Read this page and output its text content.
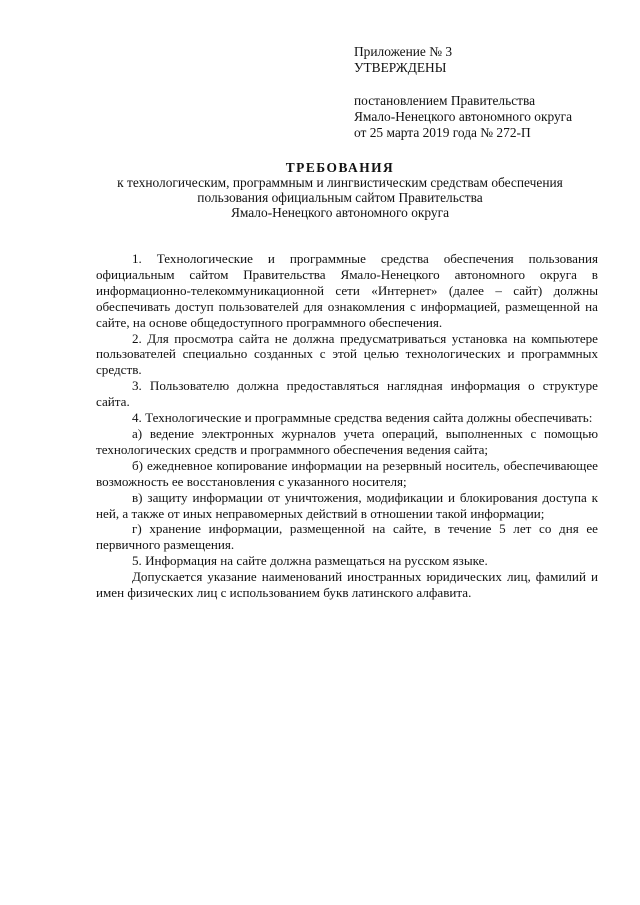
Приложение № 3
УТВЕРЖДЕНЫ
постановлением Правительства
Ямало-Ненецкого автономного округа
от 25 марта 2019 года № 272-П
ТРЕБОВАНИЯ
к технологическим, программным и лингвистическим средствам обеспечения
пользования официальным сайтом Правительства
Ямало-Ненецкого автономного округа

1. Технологические и программные средства обеспечения пользования официальным сайтом Правительства Ямало-Ненецкого автономного округа в информационно-телекоммуникационной сети «Интернет» (далее – сайт) должны обеспечивать доступ пользователей для ознакомления с информацией, размещенной на сайте, на основе общедоступного программного обеспечения.

2. Для просмотра сайта не должна предусматриваться установка на компьютере пользователей специально созданных с этой целью технологических и программных средств.

3. Пользователю должна предоставляться наглядная информация о структуре сайта.

4. Технологические и программные средства ведения сайта должны обеспечивать:

а) ведение электронных журналов учета операций, выполненных с помощью технологических средств и программного обеспечения ведения сайта;

б) ежедневное копирование информации на резервный носитель, обеспечивающее возможность ее восстановления с указанного носителя;

в) защиту информации от уничтожения, модификации и блокирования доступа к ней, а также от иных неправомерных действий в отношении такой информации;

г) хранение информации, размещенной на сайте, в течение 5 лет со дня ее первичного размещения.

5. Информация на сайте должна размещаться на русском языке.

Допускается указание наименований иностранных юридических лиц, фамилий и имен физических лиц с использованием букв латинского алфавита.
